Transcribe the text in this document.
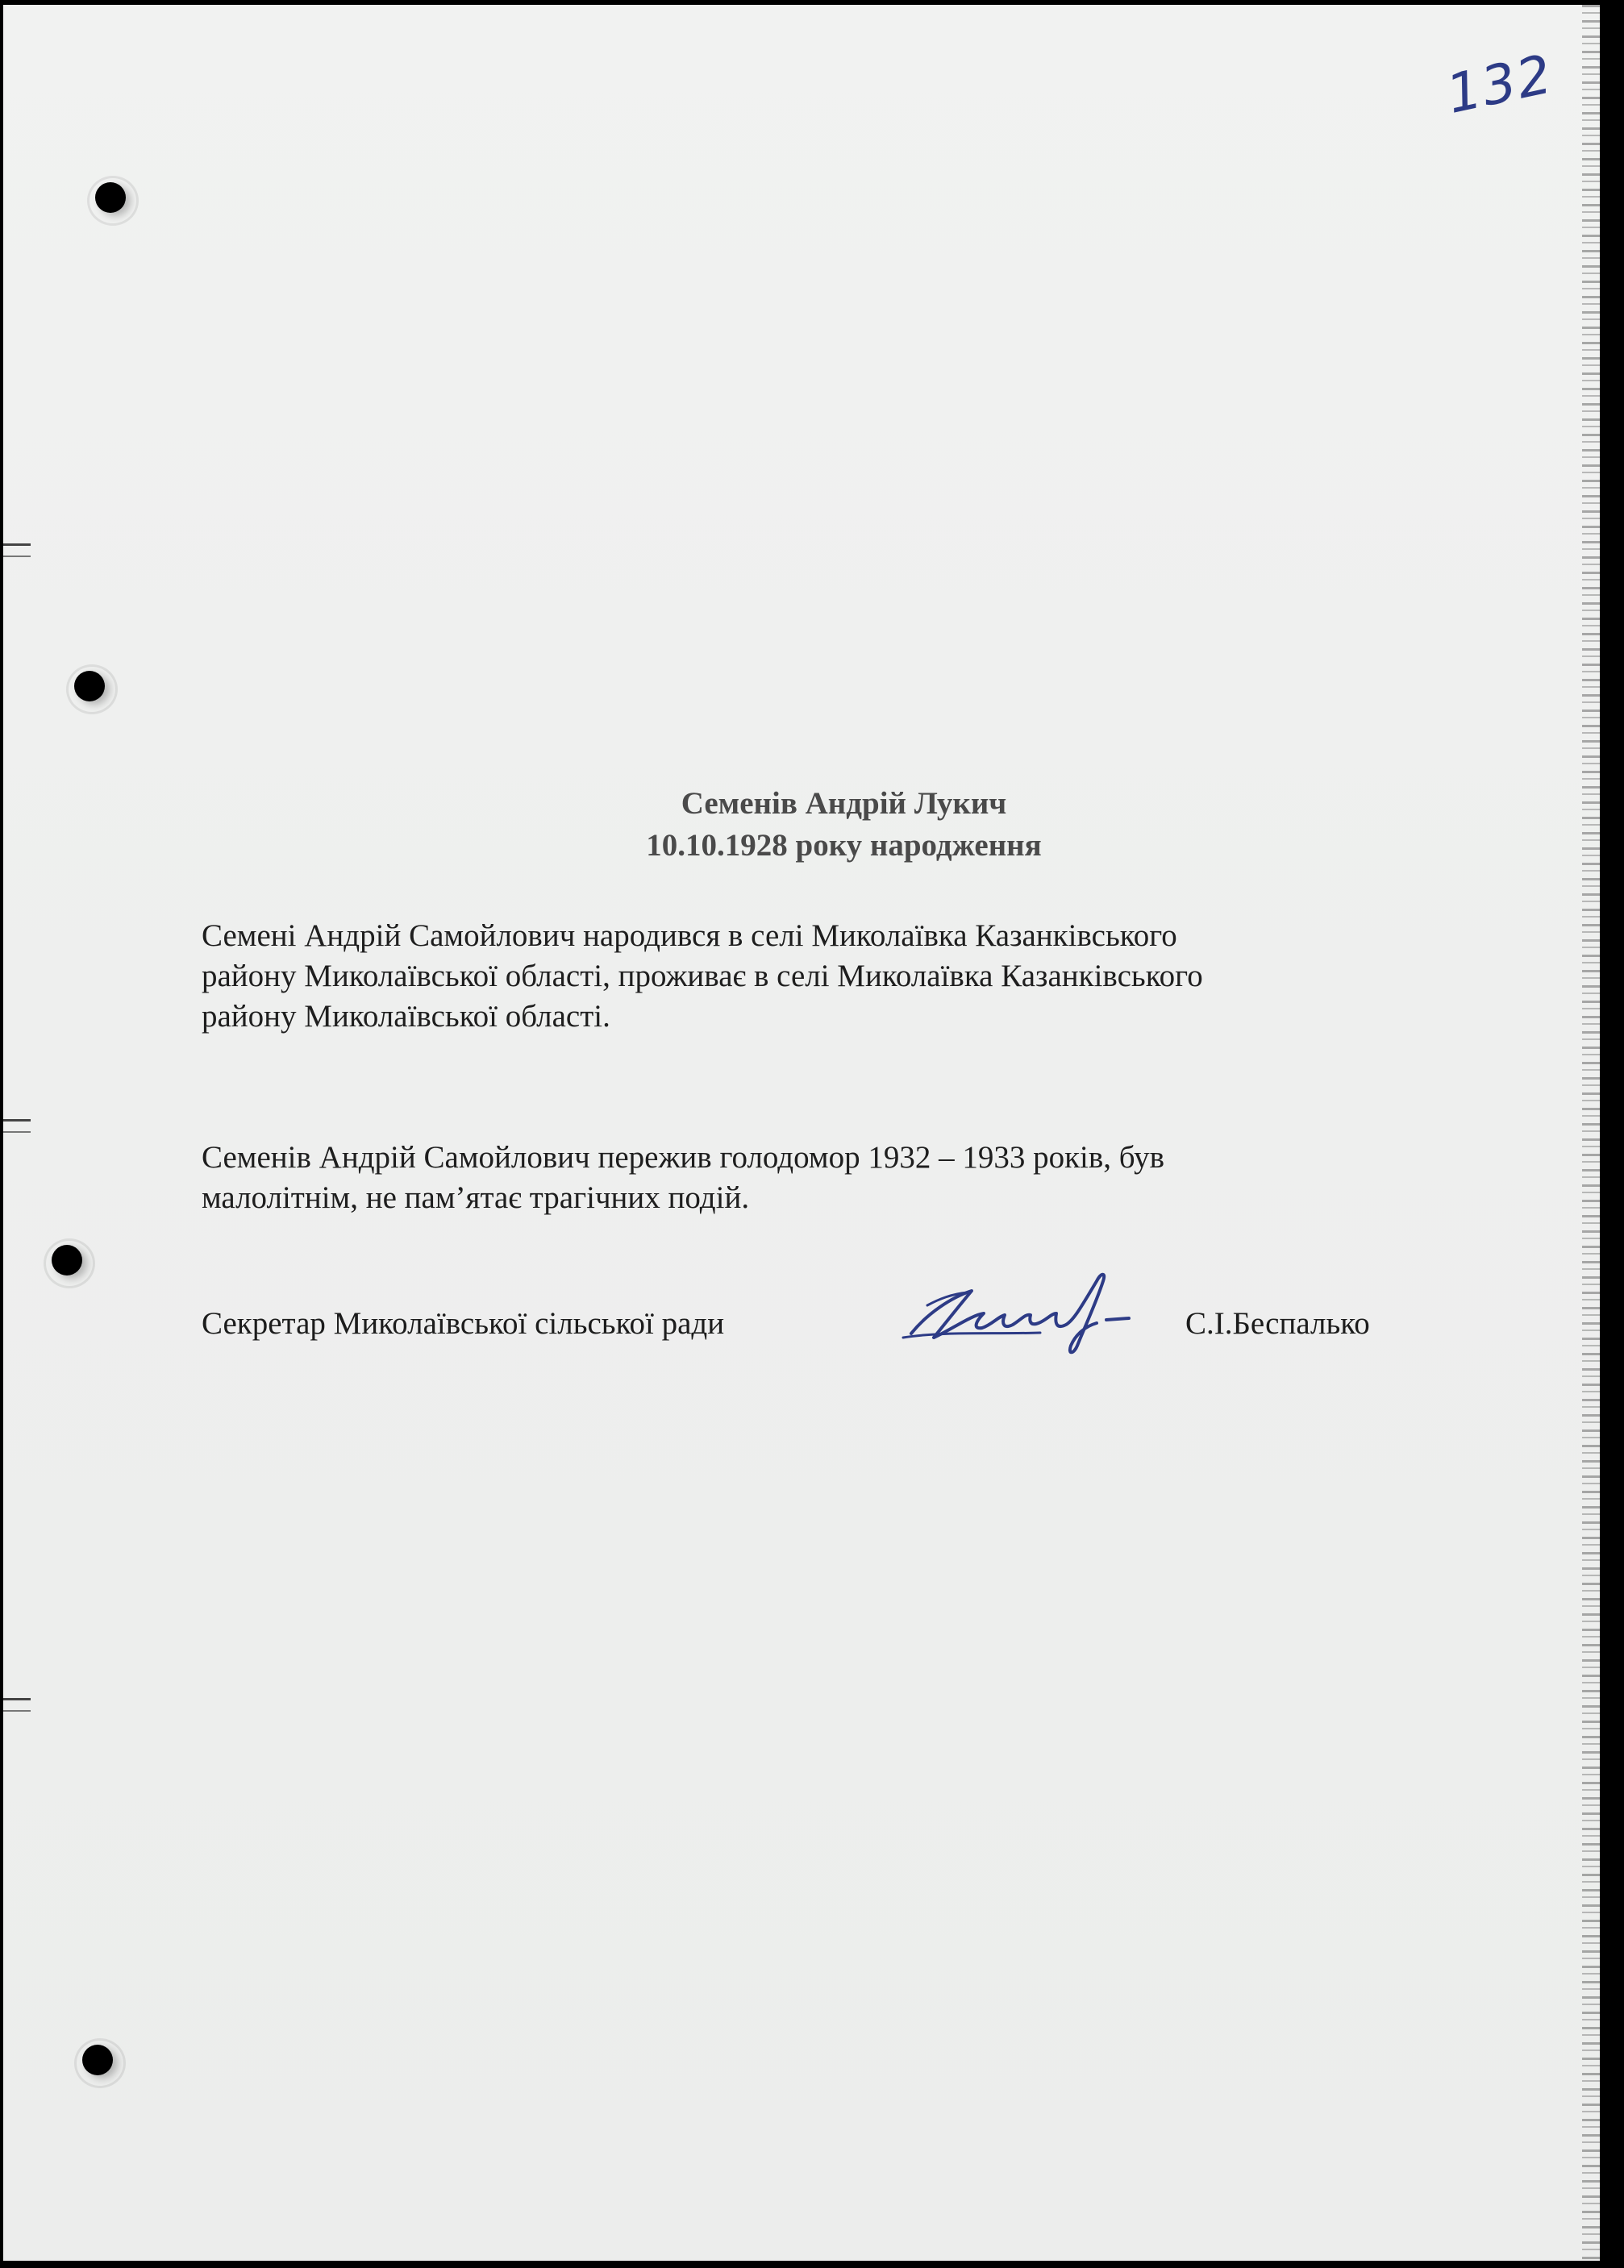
132
Семенів Андрій Лукич
10.10.1928 року народження
Семені Андрій Самойлович народився в селі Миколаївка Казанківського
району Миколаївської області, проживає в селі Миколаївка Казанківського
району Миколаївської області.
Семенів Андрій Самойлович пережив голодомор 1932 – 1933 років, був
малолітнім, не пам’ятає трагічних подій.
Секретар Миколаївської сільської ради	С.І.Беспалько
